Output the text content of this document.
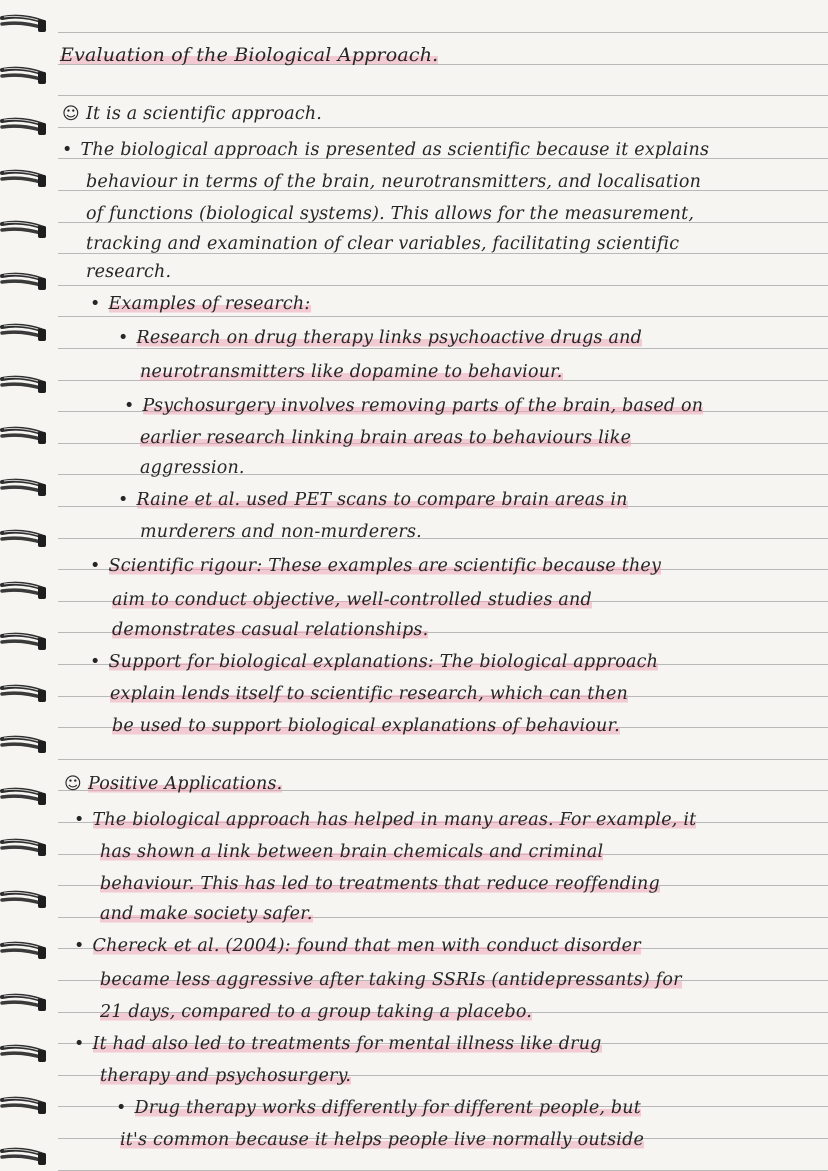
Evaluation of the Biological Approach.
☺ It is a scientific approach.
• The biological approach is presented as scientific because it explains
behaviour in terms of the brain, neurotransmitters, and localisation
of functions (biological systems). This allows for the measurement,
tracking and examination of clear variables, facilitating scientific
research.
• Examples of research:
• Research on drug therapy links psychoactive drugs and
neurotransmitters like dopamine to behaviour.
• Psychosurgery involves removing parts of the brain, based on
earlier research linking brain areas to behaviours like
aggression.
• Raine et al. used PET scans to compare brain areas in
murderers and non-murderers.
• Scientific rigour: These examples are scientific because they
aim to conduct objective, well-controlled studies and
demonstrates casual relationships.
• Support for biological explanations: The biological approach
explain lends itself to scientific research, which can then
be used to support biological explanations of behaviour.
☺ Positive Applications.
• The biological approach has helped in many areas. For example, it
has shown a link between brain chemicals and criminal
behaviour. This has led to treatments that reduce reoffending
and make society safer.
• Chereck et al. (2004): found that men with conduct disorder
became less aggressive after taking SSRIs (antidepressants) for
21 days, compared to a group taking a placebo.
• It had also led to treatments for mental illness like drug
therapy and psychosurgery.
• Drug therapy works differently for different people, but
it's common because it helps people live normally outside
